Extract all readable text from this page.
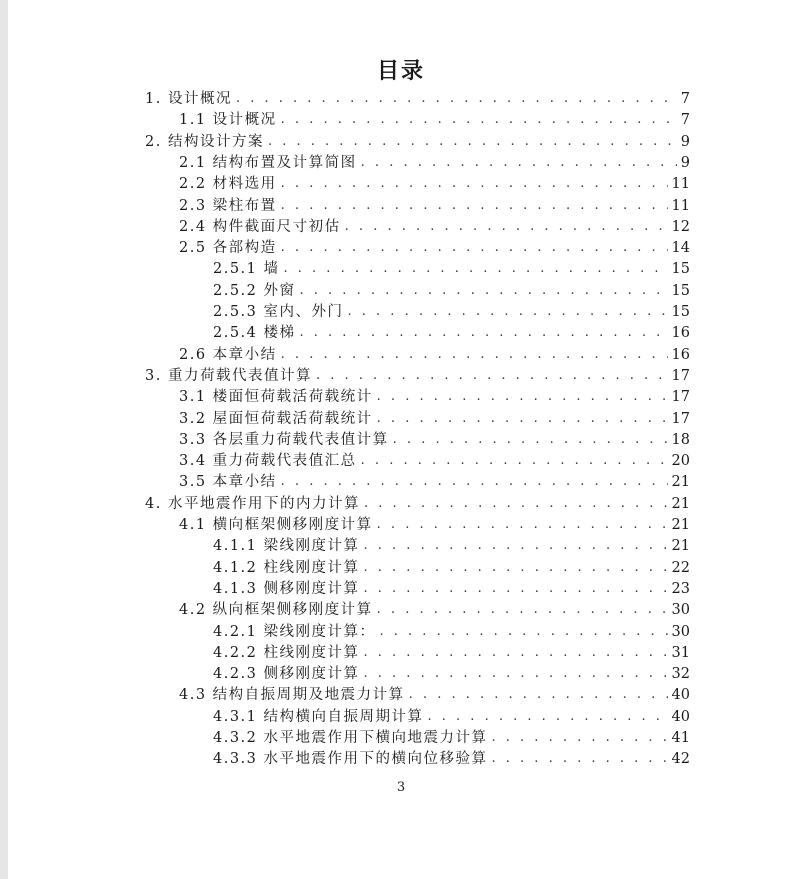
目录
1. 设计概况 . . .	7
1.1 设计概况 . . .	7
2. 结构设计方案 . . .	9
2.1 结构布置及计算简图 . . .	9
2.2 材料选用 . . .	11
2.3 梁柱布置 . . .	11
2.4 构件截面尺寸初估 . . .	12
2.5 各部构造 . . .	14
2.5.1 墙 . . .	15
2.5.2 外窗 . . .	15
2.5.3 室内、外门 . . .	15
2.5.4 楼梯 . . .	16
2.6 本章小结 . . .	16
3. 重力荷载代表值计算 . . .	17
3.1 楼面恒荷载活荷载统计 . . .	17
3.2 屋面恒荷载活荷载统计 . . .	17
3.3 各层重力荷载代表值计算 . . .	18
3.4 重力荷载代表值汇总 . . .	20
3.5 本章小结 . . .	21
4. 水平地震作用下的内力计算 . . .	21
4.1 横向框架侧移刚度计算 . . .	21
4.1.1 梁线刚度计算 . . .	21
4.1.2 柱线刚度计算 . . .	22
4.1.3 侧移刚度计算 . . .	23
4.2 纵向框架侧移刚度计算 . . .	30
4.2.1 梁线刚度计算： . . .	30
4.2.2 柱线刚度计算 . . .	31
4.2.3 侧移刚度计算 . . .	32
4.3 结构自振周期及地震力计算 . . .	40
4.3.1 结构横向自振周期计算 . . .	40
4.3.2 水平地震作用下横向地震力计算 . . .	41
4.3.3 水平地震作用下的横向位移验算 . . .	42
3
